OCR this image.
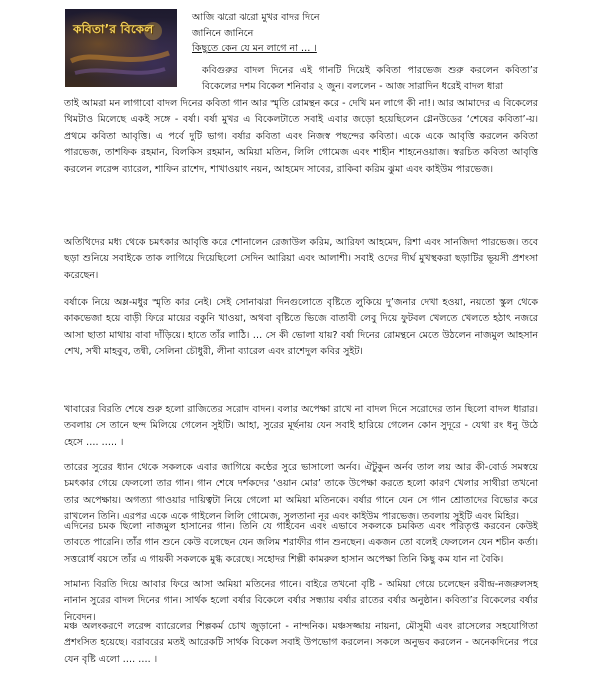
কবিতা’র বিকেল
আজি ঝরো ঝরো মুখর বাদর দিনে
জানিনে জানিনে
কিছুতে কেন যে মন লাগে না … ।

কবিগুরুর বাদল দিনের এই গানটি দিয়েই কবিতা পারভেজ শুরু করলেন কবিতা’র বিকেলের দশম বিকেল শনিবার ২ জুন। বললেন - আজ সারাদিন ধরেই বাদল ধারা

তাই আমরা মন লাগাবো বাদল দিনের কবিতা গান আর স্মৃতি রোমন্থন করে - দেখি মন লাগে কী না!। আর আমাদের এ বিকেলের থিমটাও মিলেছে একই সঙ্গে - বর্ষা। বর্ষা মুখর এ বিকেলটাতে সবাই এবার জড়ো হয়েছিলেন গ্লেনউডের ‘শেষের কবিতা’-য়। প্রথমে কবিতা আবৃত্তি। এ পর্বে দুটি ভাগ। বর্ষার কবিতা এবং নিজস্ব পছন্দের কবিতা। একে একে আবৃত্তি করলেন কবিতা পারভেজ, তাশফিক রহমান, বিলকিস রহমান, অমিয়া মতিন, লিলি গোমেজ এবং শাহীন শাহনেওয়াজ। স্বরচিত কবিতা আবৃত্তি করলেন লরেন্স ব্যারেল, শাফিন রাশেদ, শাখাওয়াৎ নয়ন, আহমেদ সাবের, রাকিবা করিম ঝুমা এবং কাইউম পারভেজ।

অতিথিদের মধ্য থেকে চমৎকার আবৃত্তি করে শোনালেন রেজাউল করিম, আরিফা আহমেদ, রিশা এবং সানজিদা পারভেজ। তবে ছড়া শুনিয়ে সবাইকে তাক লাগিয়ে দিয়েছিলো সেদিন আরিয়া এবং আলাশী। সবাই ওদের দীর্ঘ মুখস্থকরা ছড়াটির ভূয়সী প্রশংসা করেছেন।

বর্ষাকে নিয়ে অম্ল-মধুর স্মৃতি কার নেই। সেই সোনাঝরা দিনগুলোতে বৃষ্টিতে লুকিয়ে দু’জনার দেখা হওয়া, নয়তো স্কুল থেকে কাকভেজা হয়ে বাড়ী ফিরে মায়ের বকুনি খাওয়া, অথবা বৃষ্টিতে ভিজে বাতাবী লেবু দিয়ে ফুটবল খেলতে খেলতে হঠাৎ নজরে আসা ছাতা মাথায় বাবা দাঁড়িয়ে। হাতে তাঁর লাঠি। … সে কী ভোলা যায়? বর্ষা দিনের রোমন্থনে মেতে উঠলেন নাজমুল আহসান শেখ, সখী মাহবুব, তন্বী, সেলিনা চৌধুরী, লীনা ব্যারেল এবং রাশেদুল কবির সুইট।

খাবারের বিরতি শেষে শুরু হলো রাজিতের সরোদ বাদন। বলার অপেক্ষা রাখে না বাদল দিনে সরোদের তান ছিলো বাদল ধারার। তবলায় সে তানে ছন্দ মিলিয়ে গেলেন সুইটি। আহা, সুরের মূর্ছনায় যেন সবাই হারিয়ে গেলেন কোন সুদূরে - যেথা রং ধনু উঠে হেসে …. ….. ।

তারের সুরের ধ্যান থেকে সকলকে এবার জাগিয়ে কণ্ঠের সুরে ভাসালো অর্নব। ঐটুকুন অর্নব তাল লয় আর কী-বোর্ড সমস্বয়ে চমৎকার গেয়ে ফেললো তার গান। গান শেষে দর্শকদের ‘ওয়ান মোর’ তাকে উপেক্ষা করতে হলো কারণ খেলার সাথীরা তখনো তার অপেক্ষায়। অগত্যা গাওয়ার দায়িত্বটা নিয়ে গেলো মা অমিয়া মতিনকে। বর্ষার গানে যেন সে গান শ্রোতাদের বিভোর করে রাখলেন তিনি। এরপর একে একে গাইলেন লিলি গোমেজ, সুলতানা নূর এবং কাইউম পারভেজ। তবলায় সুইটি এবং মিহির।

এদিনের চমক ছিলো নাজমুল হাসানের গান। তিনি যে গাইবেন এবং এভাবে সকলকে চমকিত এবং পরিতৃপ্ত করবেন কেউই তাবতে পারেনি। তাঁর গান শুনে কেউ বলেছেন যেন জলিম শরাফীর গান শুনছেন। একজন তো বলেই ফেললেন যেন শচীন কর্তা। সত্তরোর্ধ বয়সে তাঁর এ গায়কী সকলকে মুগ্ধ করেছে। সহোদর শিল্পী কামরুল হাসান অপেক্ষা তিনি কিছু কম যান না বৈকি।

সামান্য বিরতি দিয়ে আবার ফিরে আসা অমিয়া মতিনের গানে। বাইরে তখনো বৃষ্টি - অমিয়া গেয়ে চলেছেন রবীন্দ্র-নজরুলসহ নানান সুরের বাদল দিনের গান। সার্থক হলো বর্ষার বিকেলে বর্ষার সন্ধ্যায় বর্ষার রাতের বর্ষার অনুষ্ঠান। কবিতা’র বিকেলের বর্ষার নিবেদন।

মঞ্চ অলংকরণে লরেন্স ব্যারেলের শিল্পকর্ম চোখ জুড়ানো - নান্দনিক। মঞ্চসজ্জায় নায়না, মৌসুমী এবং রাসেলের সহযোগিতা প্রশংসিত হয়েছে। বরাবরের মতই আরেকটি সার্থক বিকেল সবাই উপভোগ করলেন। সকলে অনুভব করলেন - অনেকদিনের পরে যেন বৃষ্টি এলো …. …. ।
